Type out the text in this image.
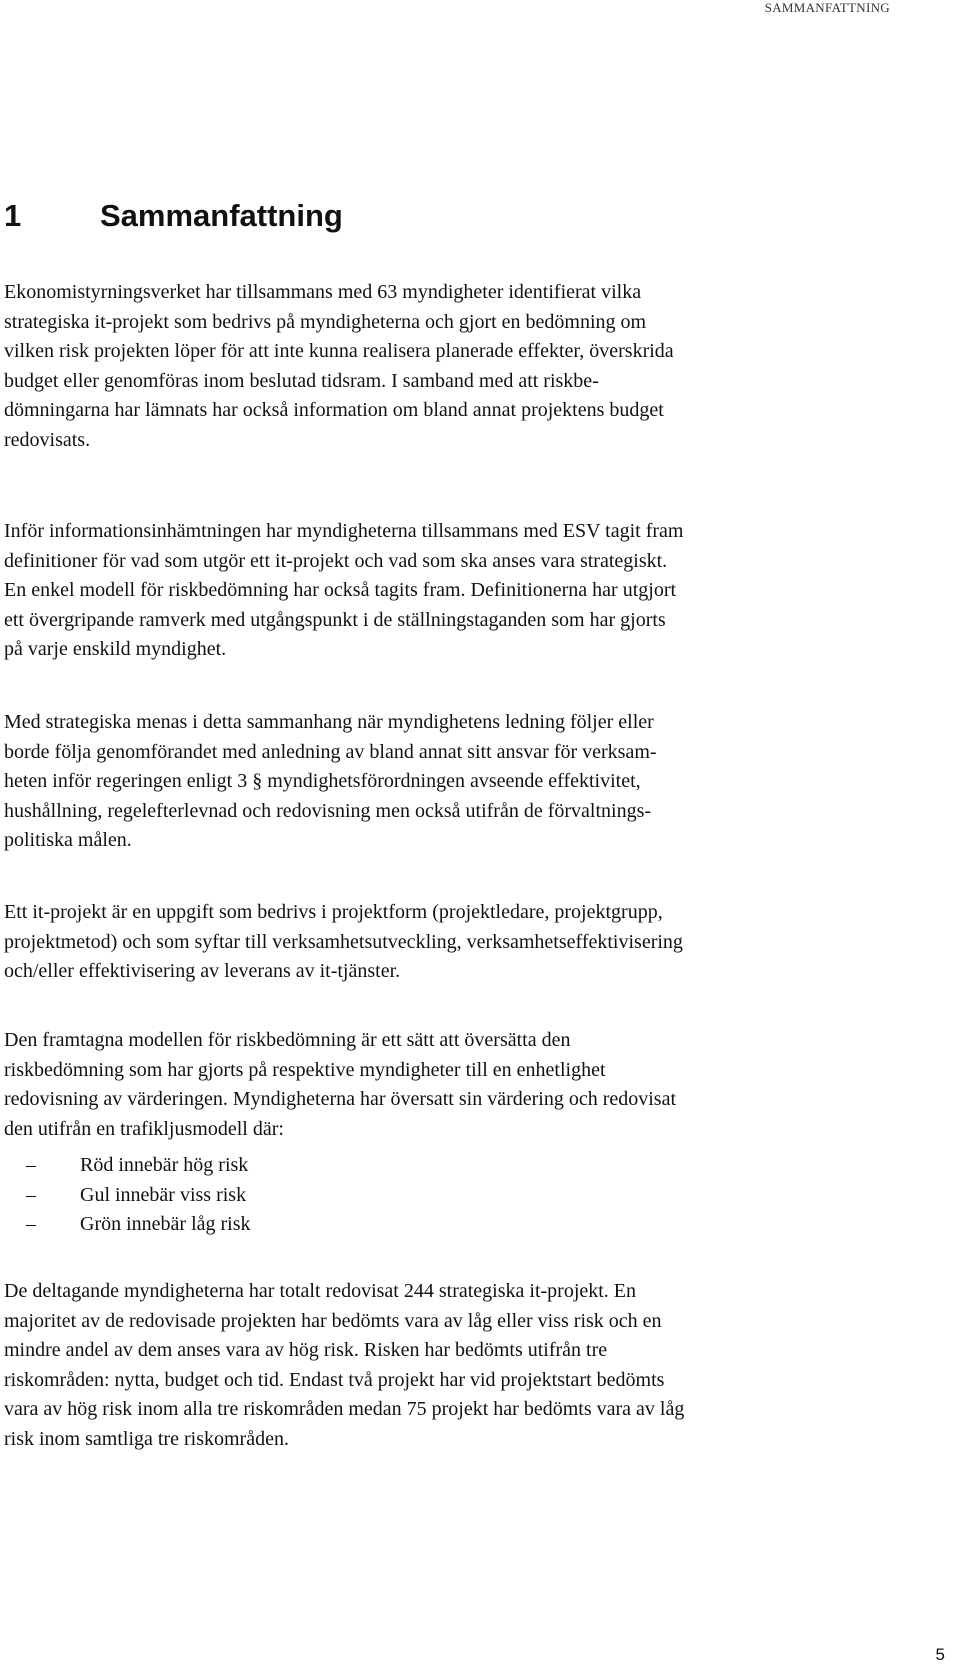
SAMMANFATTNING
1	Sammanfattning
Ekonomistyrningsverket har tillsammans med 63 myndigheter identifierat vilka
strategiska it-projekt som bedrivs på myndigheterna och gjort en bedömning om
vilken risk projekten löper för att inte kunna realisera planerade effekter, överskrida
budget eller genomföras inom beslutad tidsram. I samband med att riskbe-
dömningarna har lämnats har också information om bland annat projektens budget
redovisats.
Inför informationsinhämtningen har myndigheterna tillsammans med ESV tagit fram
definitioner för vad som utgör ett it-projekt och vad som ska anses vara strategiskt.
En enkel modell för riskbedömning har också tagits fram. Definitionerna har utgjort
ett övergripande ramverk med utgångspunkt i de ställningstaganden som har gjorts
på varje enskild myndighet.
Med strategiska menas i detta sammanhang när myndighetens ledning följer eller
borde följa genomförandet med anledning av bland annat sitt ansvar för verksam-
heten inför regeringen enligt 3 § myndighetsförordningen avseende effektivitet,
hushållning, regelefterlevnad och redovisning men också utifrån de förvaltnings-
politiska målen.
Ett it-projekt är en uppgift som bedrivs i projektform (projektledare, projektgrupp,
projektmetod) och som syftar till verksamhetsutveckling, verksamhetseffektivisering
och/eller effektivisering av leverans av it-tjänster.
Den framtagna modellen för riskbedömning är ett sätt att översätta den
riskbedömning som har gjorts på respektive myndigheter till en enhetlighet
redovisning av värderingen. Myndigheterna har översatt sin värdering och redovisat
den utifrån en trafikljusmodell där:
–	Röd innebär hög risk
–	Gul innebär viss risk
–	Grön innebär låg risk
De deltagande myndigheterna har totalt redovisat 244 strategiska it-projekt. En
majoritet av de redovisade projekten har bedömts vara av låg eller viss risk och en
mindre andel av dem anses vara av hög risk. Risken har bedömts utifrån tre
riskområden: nytta, budget och tid. Endast två projekt har vid projektstart bedömts
vara av hög risk inom alla tre riskområden medan 75 projekt har bedömts vara av låg
risk inom samtliga tre riskområden.
5
